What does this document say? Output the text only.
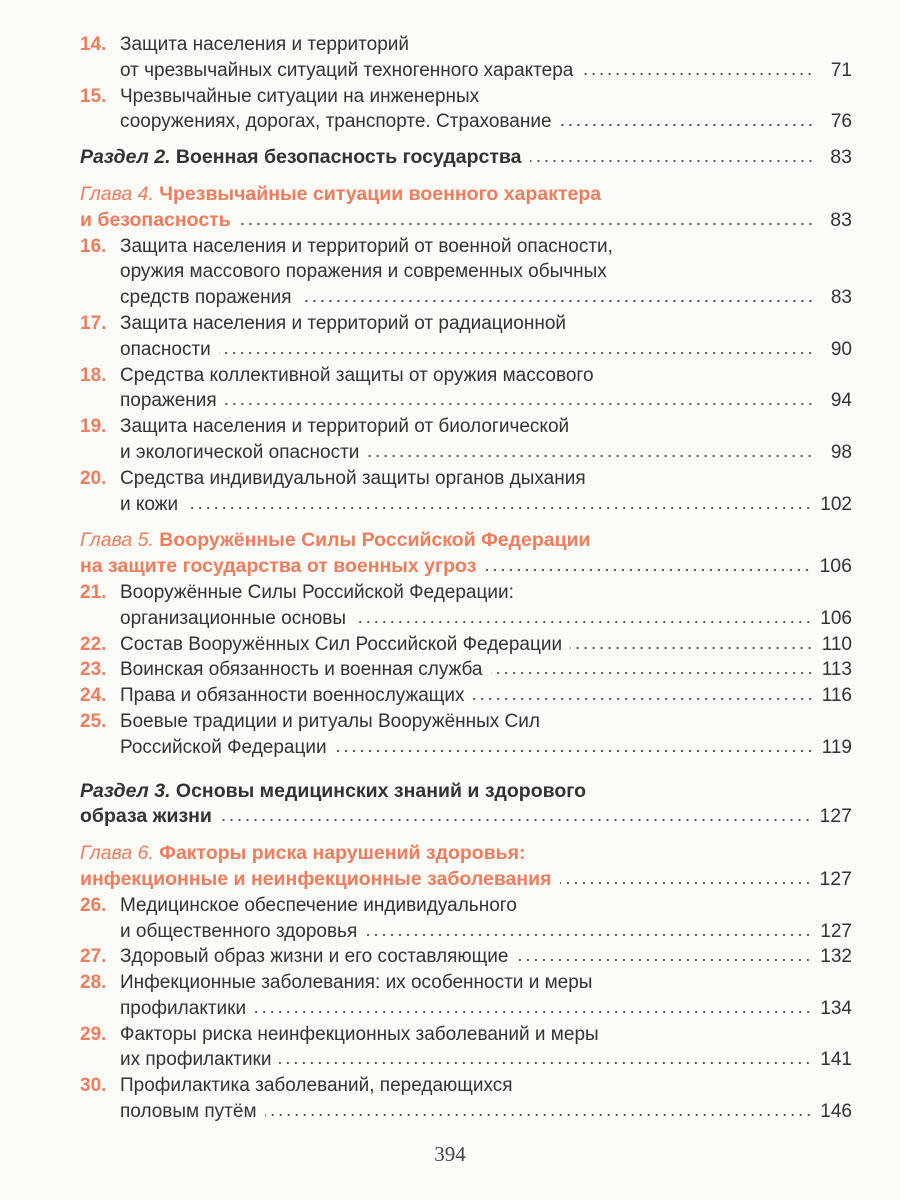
14. Защита населения и территорий
от чрезвычайных ситуаций техногенного характера	71
15. Чрезвычайные ситуации на инженерных
сооружениях, дорогах, транспорте. Страхование	76
Раздел 2.
Военная безопасность государства	83
Глава 4.
Чрезвычайные ситуации военного характера
и безопасность	83
16. Защита населения и территорий от военной опасности,
оружия массового поражения и современных обычных
средств поражения	83
17. Защита населения и территорий от радиационной
опасности	90
18. Средства коллективной защиты от оружия массового
поражения	94
19. Защита населения и территорий от биологической
и экологической опасности	98
20. Средства индивидуальной защиты органов дыхания
и кожи	102
Глава 5.
Вооружённые Силы Российской Федерации
на защите государства от военных угроз	106
21. Вооружённые Силы Российской Федерации:
организационные основы	106
22. Состав Вооружённых Сил Российской Федерации	110
23. Воинская обязанность и военная служба	113
24. Права и обязанности военнослужащих	116
25. Боевые традиции и ритуалы Вооружённых Сил
Российской Федерации	119
Раздел 3.
Основы медицинских знаний и здорового
образа жизни	127
Глава 6.
Факторы риска нарушений здоровья:
инфекционные и неинфекционные заболевания	127
26. Медицинское обеспечение индивидуального
и общественного здоровья	127
27. Здоровый образ жизни и его составляющие	132
28. Инфекционные заболевания: их особенности и меры
профилактики	134
29. Факторы риска неинфекционных заболеваний и меры
их профилактики	141
30. Профилактика заболеваний, передающихся
половым путём	146
394
